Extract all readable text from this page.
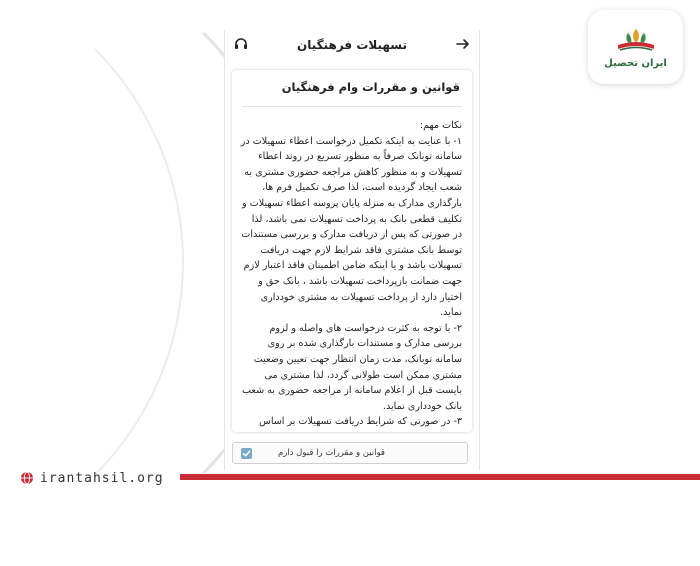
ایران تحصیل
تسهیلات فرهنگیان
قوانین و مقررات وام فرهنگیان

نکات مهم:

۱-با عنایت به اینکه تکمیل درخواست اعطاء تسهیلات در سامانه توبانک صرفاً به منظور تسریع در روند اعطاء تسهیلات و به منظور کاهش مراجعه حضوری مشتری به شعب ایجاد گردیده است، لذا صرف تکمیل فرم ها، بارگذاری مدارک به منزله پایان پروسه اعطاء تسهیلات و تکلیف قطعی بانک به پرداخت تسهیلات نمی باشد، لذا در صورتی که پس از دریافت مدارک و بررسی مستندات توسط بانک مشتری فاقد شرایط لازم جهت دریافت تسهیلات باشد و یا اینکه ضامن اطمینان فاقد اعتبار لازم جهت ضمانت بازپرداخت تسهیلات باشد ، بانک حق و اختیار دارد از پرداخت تسهیلات به مشتری خودداری نماید.

۲-با توجه به کثرت درخواست های واصله و لزوم بررسی مدارک و مستندات بارگذاری شده بر روی سامانه توبانک، مدت زمان انتظار جهت تعیین وضعیت مشتری ممکن است طولانی گردد، لذا مشتری می بایست قبل از اعلام سامانه از مراجعه حضوری به شعب بانک خودداری نماید.

۳-در صورتی که شرایط دریافت تسهیلات بر اساس

قوانین و مقررات را قبول دارم
irantahsil.org
